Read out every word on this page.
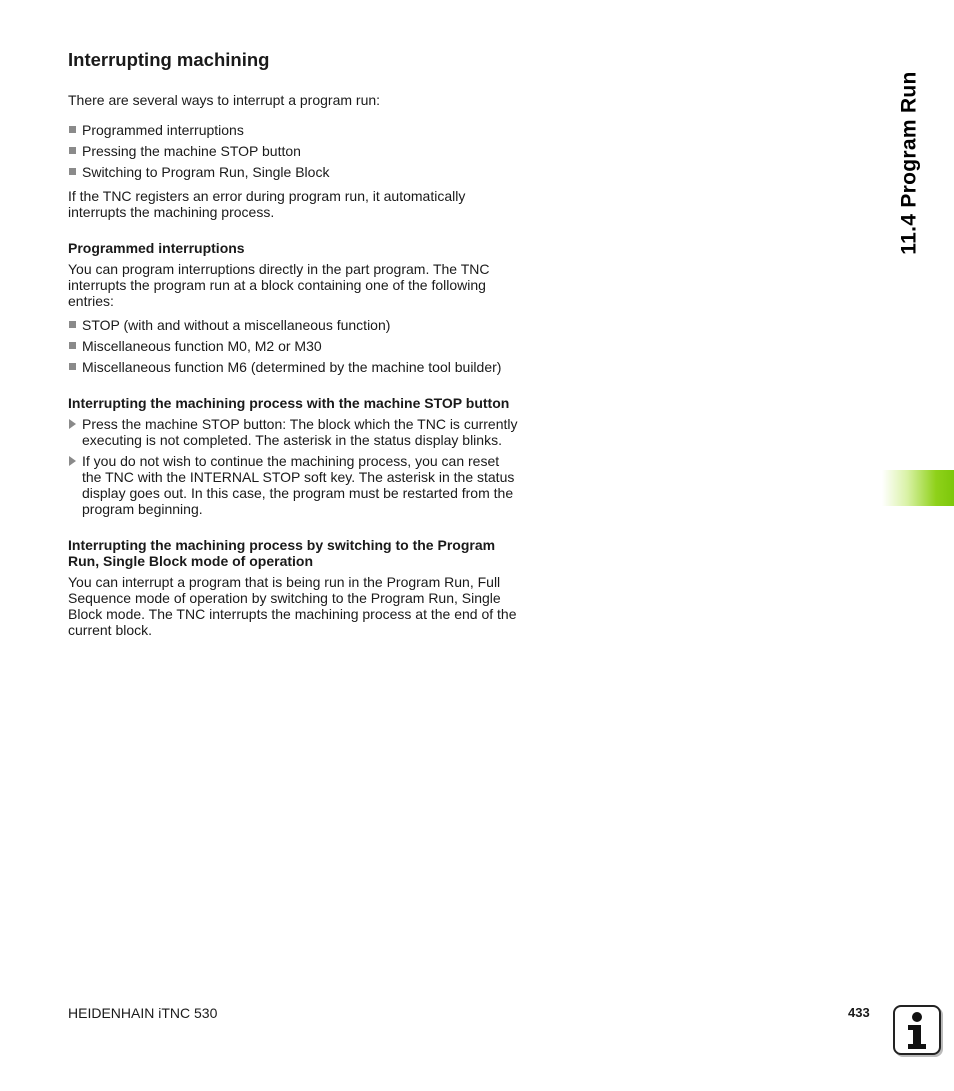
Interrupting machining

There are several ways to interrupt a program run:

Programmed interruptions
Pressing the machine STOP button
Switching to Program Run, Single Block

If the TNC registers an error during program run, it automatically interrupts the machining process.

Programmed interruptions

You can program interruptions directly in the part program. The TNC interrupts the program run at a block containing one of the following entries:

STOP (with and without a miscellaneous function)
Miscellaneous function M0, M2 or M30
Miscellaneous function M6 (determined by the machine tool builder)
Interrupting the machining process with the machine STOP button
Press the machine STOP button: The block which the TNC is currently executing is not completed. The asterisk in the status display blinks.
If you do not wish to continue the machining process, you can reset the TNC with the INTERNAL STOP soft key. The asterisk in the status display goes out. In this case, the program must be restarted from the program beginning.
Interrupting the machining process by switching to the Program Run, Single Block mode of operation

You can interrupt a program that is being run in the Program Run, Full Sequence mode of operation by switching to the Program Run, Single Block mode. The TNC interrupts the machining process at the end of the current block.

11.4 Program Run
HEIDENHAIN iTNC 530	433
